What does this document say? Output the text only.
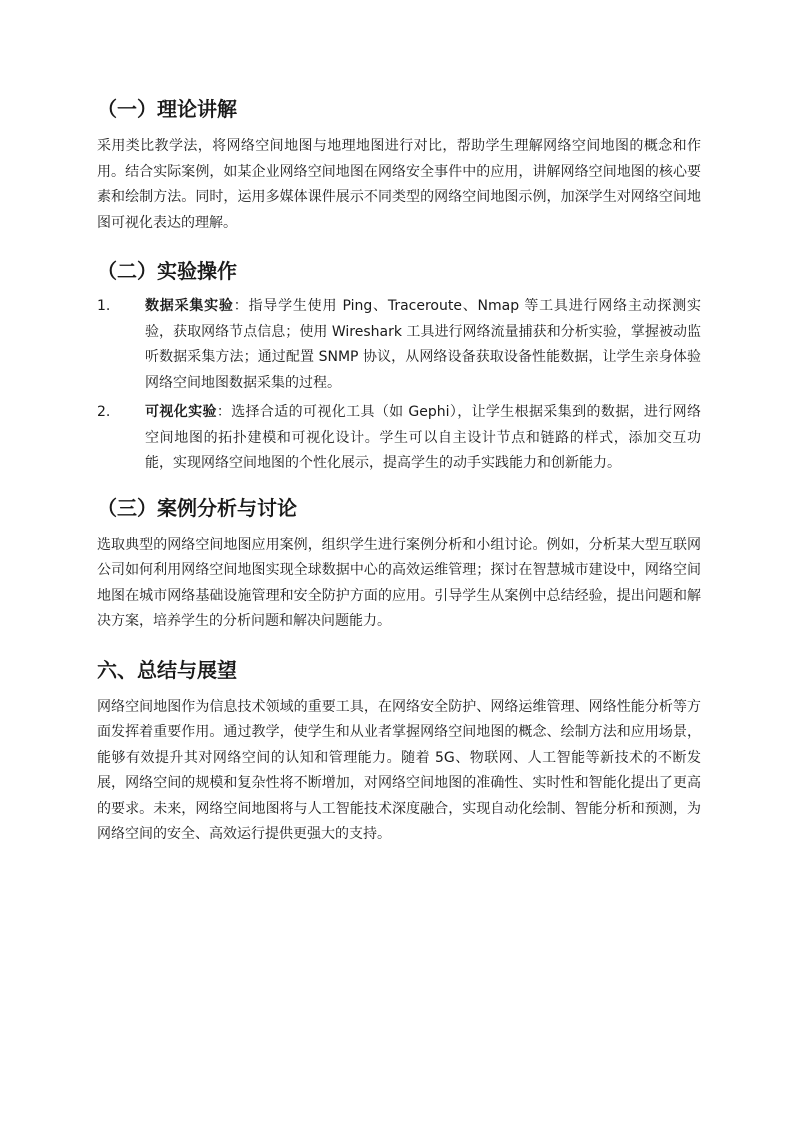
（一）理论讲解

采用类比教学法，将网络空间地图与地理地图进行对比，帮助学生理解网络空间地图的概念和作用。结合实际案例，如某企业网络空间地图在网络安全事件中的应用，讲解网络空间地图的核心要素和绘制方法。同时，运用多媒体课件展示不同类型的网络空间地图示例，加深学生对网络空间地图可视化表达的理解。

（二）实验操作
1. 数据采集实验：指导学生使用 Ping、Traceroute、Nmap 等工具进行网络主动探测实验，获取网络节点信息；使用 Wireshark 工具进行网络流量捕获和分析实验，掌握被动监听数据采集方法；通过配置 SNMP 协议，从网络设备获取设备性能数据，让学生亲身体验网络空间地图数据采集的过程。
2. 可视化实验：选择合适的可视化工具（如 Gephi），让学生根据采集到的数据，进行网络空间地图的拓扑建模和可视化设计。学生可以自主设计节点和链路的样式，添加交互功能，实现网络空间地图的个性化展示，提高学生的动手实践能力和创新能力。
（三）案例分析与讨论

选取典型的网络空间地图应用案例，组织学生进行案例分析和小组讨论。例如，分析某大型互联网公司如何利用网络空间地图实现全球数据中心的高效运维管理；探讨在智慧城市建设中，网络空间地图在城市网络基础设施管理和安全防护方面的应用。引导学生从案例中总结经验，提出问题和解决方案，培养学生的分析问题和解决问题能力。

六、总结与展望

网络空间地图作为信息技术领域的重要工具，在网络安全防护、网络运维管理、网络性能分析等方面发挥着重要作用。通过教学，使学生和从业者掌握网络空间地图的概念、绘制方法和应用场景，能够有效提升其对网络空间的认知和管理能力。随着 5G、物联网、人工智能等新技术的不断发展，网络空间的规模和复杂性将不断增加，对网络空间地图的准确性、实时性和智能化提出了更高的要求。未来，网络空间地图将与人工智能技术深度融合，实现自动化绘制、智能分析和预测，为网络空间的安全、高效运行提供更强大的支持。
